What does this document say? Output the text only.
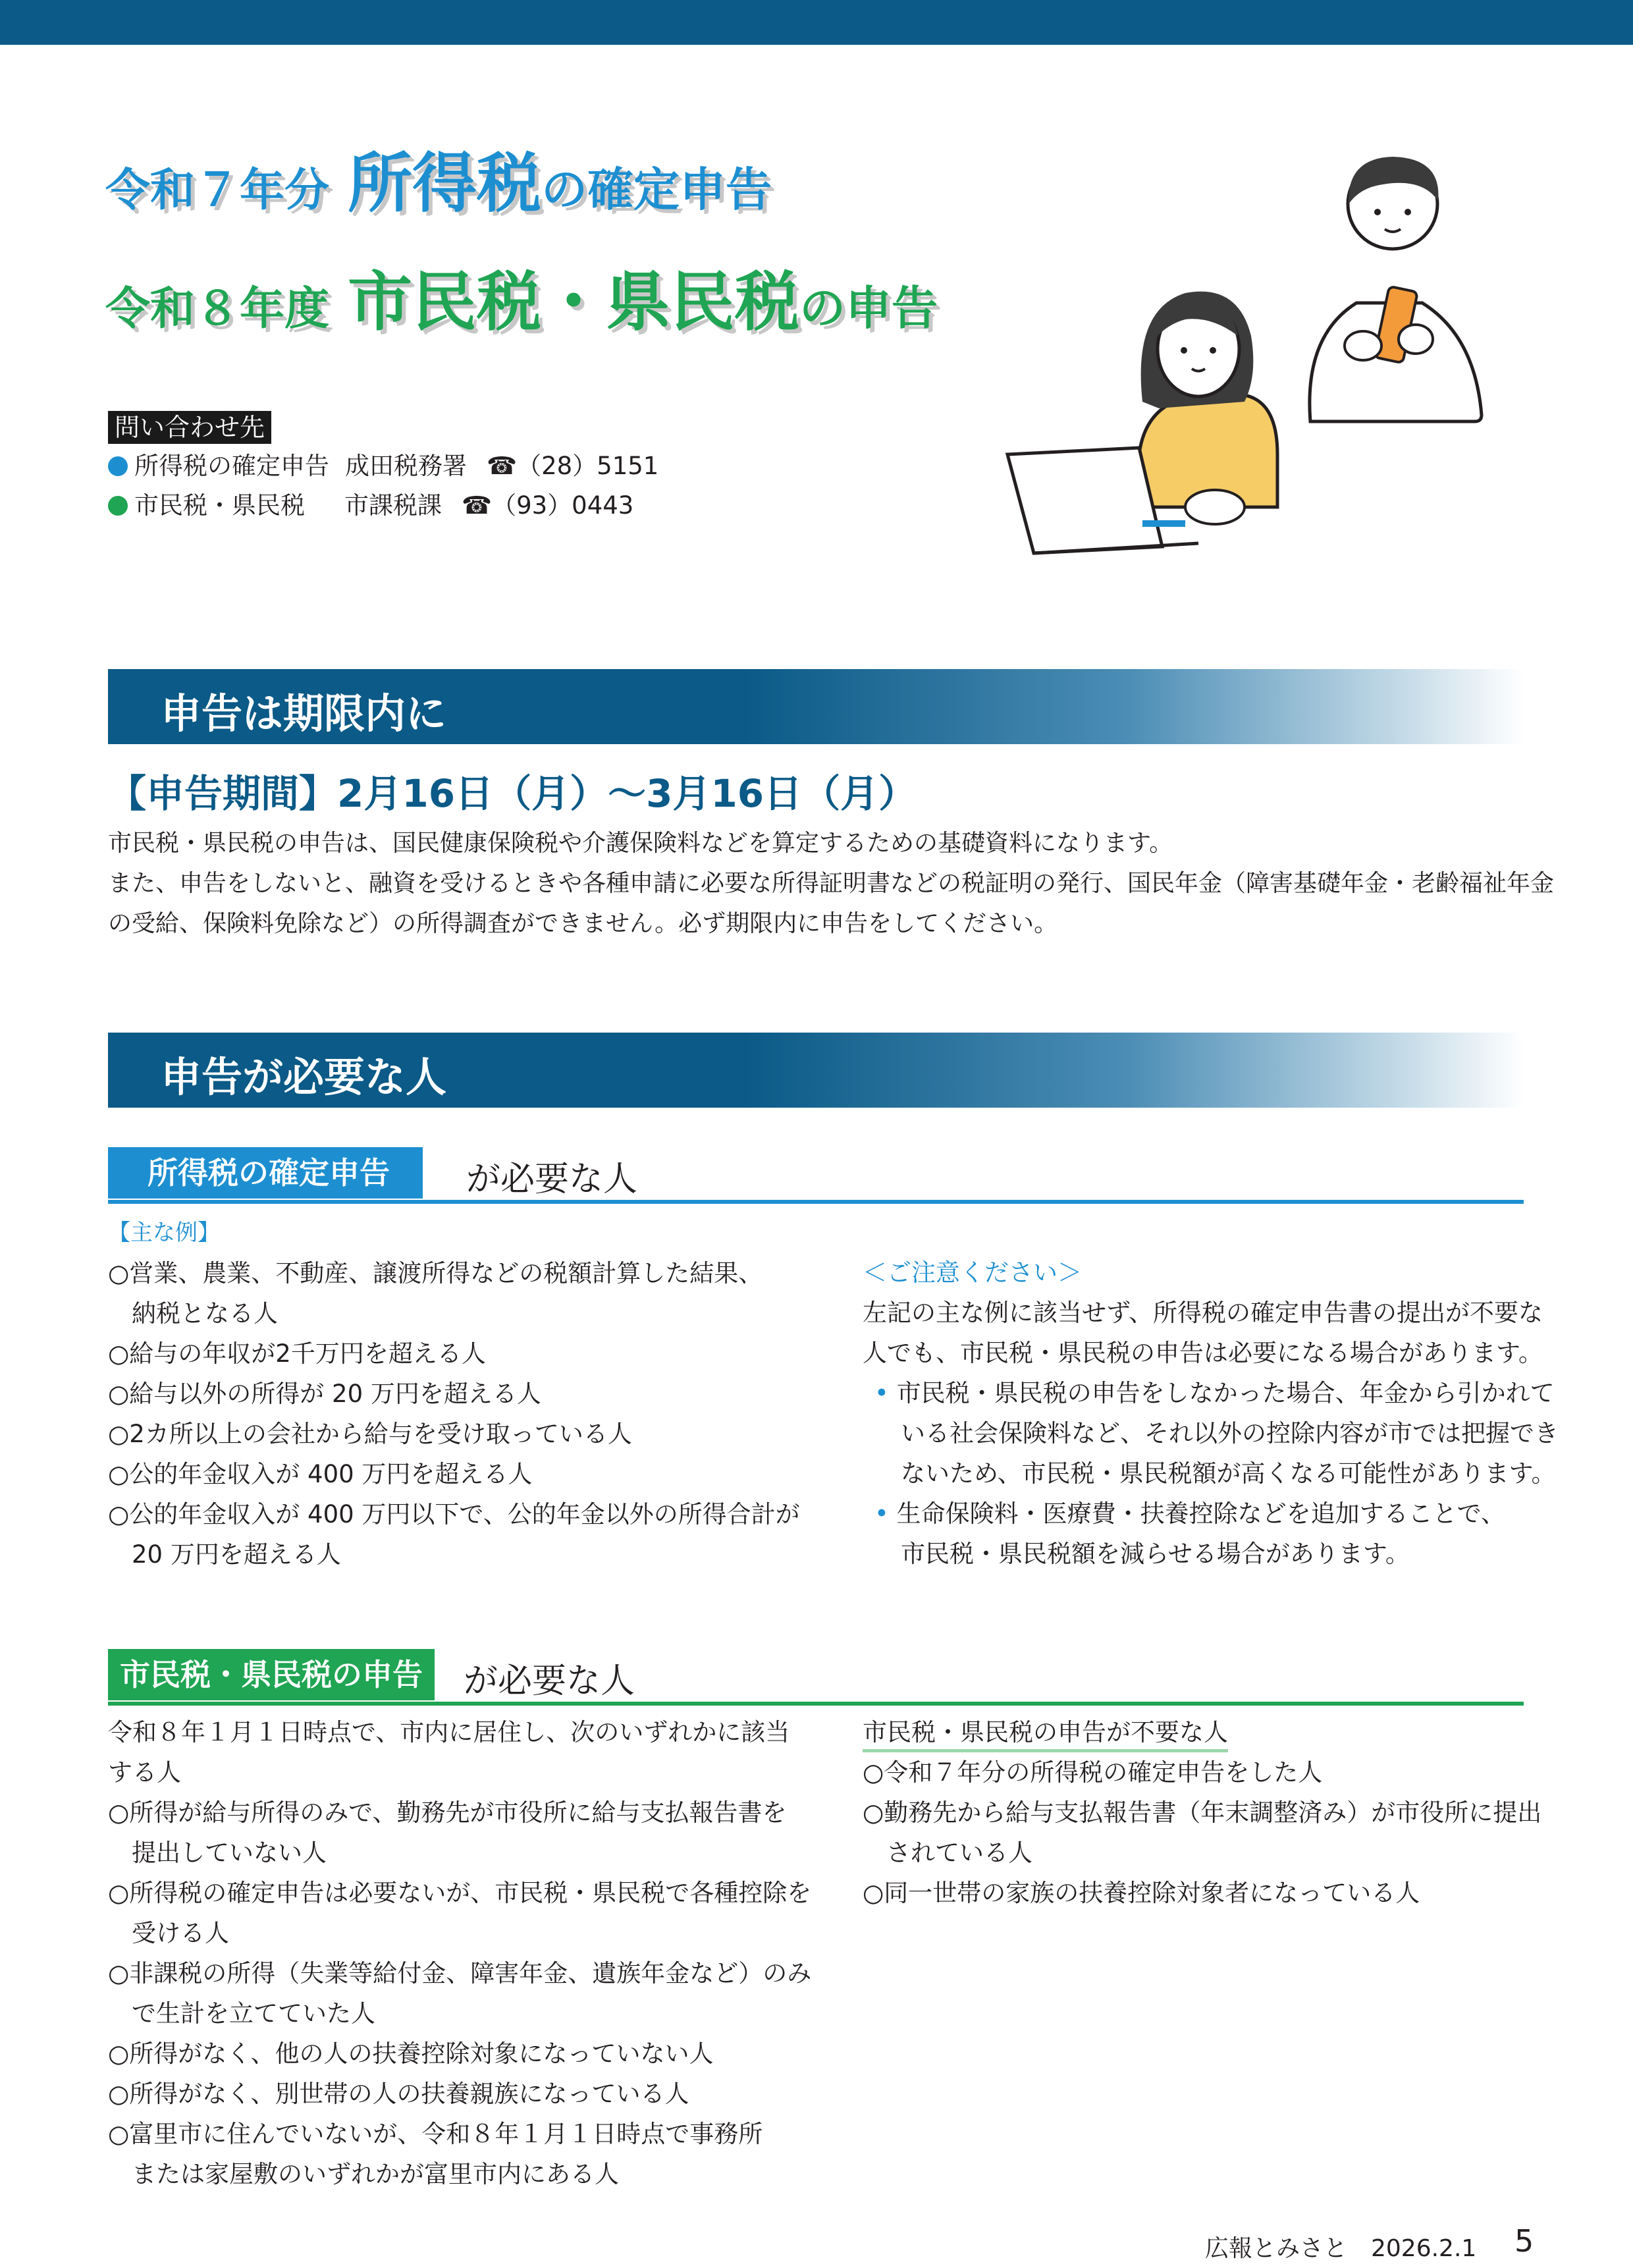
令和７年分 所得税の確定申告
令和８年度 市民税・県民税の申告
問い合わせ先
所得税の確定申告 成田税務署 ☎（28）5151
市民税・県民税 市課税課 ☎（93）0443
申告は期限内に
【申告期間】2月16日（月）～3月16日（月）
市民税・県民税の申告は、国民健康保険税や介護保険料などを算定するための基礎資料になります。
また、申告をしないと、融資を受けるときや各種申請に必要な所得証明書などの税証明の発行、国民年金（障害基礎年金・老齢福祉年金
の受給、保険料免除など）の所得調査ができません。必ず期限内に申告をしてください。
申告が必要な人
所得税の確定申告	が必要な人
【主な例】
○営業、農業、不動産、譲渡所得などの税額計算した結果、
納税となる人
○給与の年収が2千万円を超える人
○給与以外の所得が 20 万円を超える人
○2カ所以上の会社から給与を受け取っている人
○公的年金収入が 400 万円を超える人
○公的年金収入が 400 万円以下で、公的年金以外の所得合計が
20 万円を超える人
＜ご注意ください＞
左記の主な例に該当せず、所得税の確定申告書の提出が不要な
人でも、市民税・県民税の申告は必要になる場合があります。
• 市民税・県民税の申告をしなかった場合、年金から引かれて
いる社会保険料など、それ以外の控除内容が市では把握でき
ないため、市民税・県民税額が高くなる可能性があります。
• 生命保険料・医療費・扶養控除などを追加することで、
市民税・県民税額を減らせる場合があります。
市民税・県民税の申告	が必要な人
令和８年１月１日時点で、市内に居住し、次のいずれかに該当
する人
○所得が給与所得のみで、勤務先が市役所に給与支払報告書を
提出していない人
○所得税の確定申告は必要ないが、市民税・県民税で各種控除を
受ける人
○非課税の所得（失業等給付金、障害年金、遺族年金など）のみ
で生計を立てていた人
○所得がなく、他の人の扶養控除対象になっていない人
○所得がなく、別世帯の人の扶養親族になっている人
○富里市に住んでいないが、令和８年１月１日時点で事務所
または家屋敷のいずれかが富里市内にある人
市民税・県民税の申告が不要な人
○令和７年分の所得税の確定申告をした人
○勤務先から給与支払報告書（年末調整済み）が市役所に提出
されている人
○同一世帯の家族の扶養控除対象者になっている人
広報とみさと　2026.2.1 5
